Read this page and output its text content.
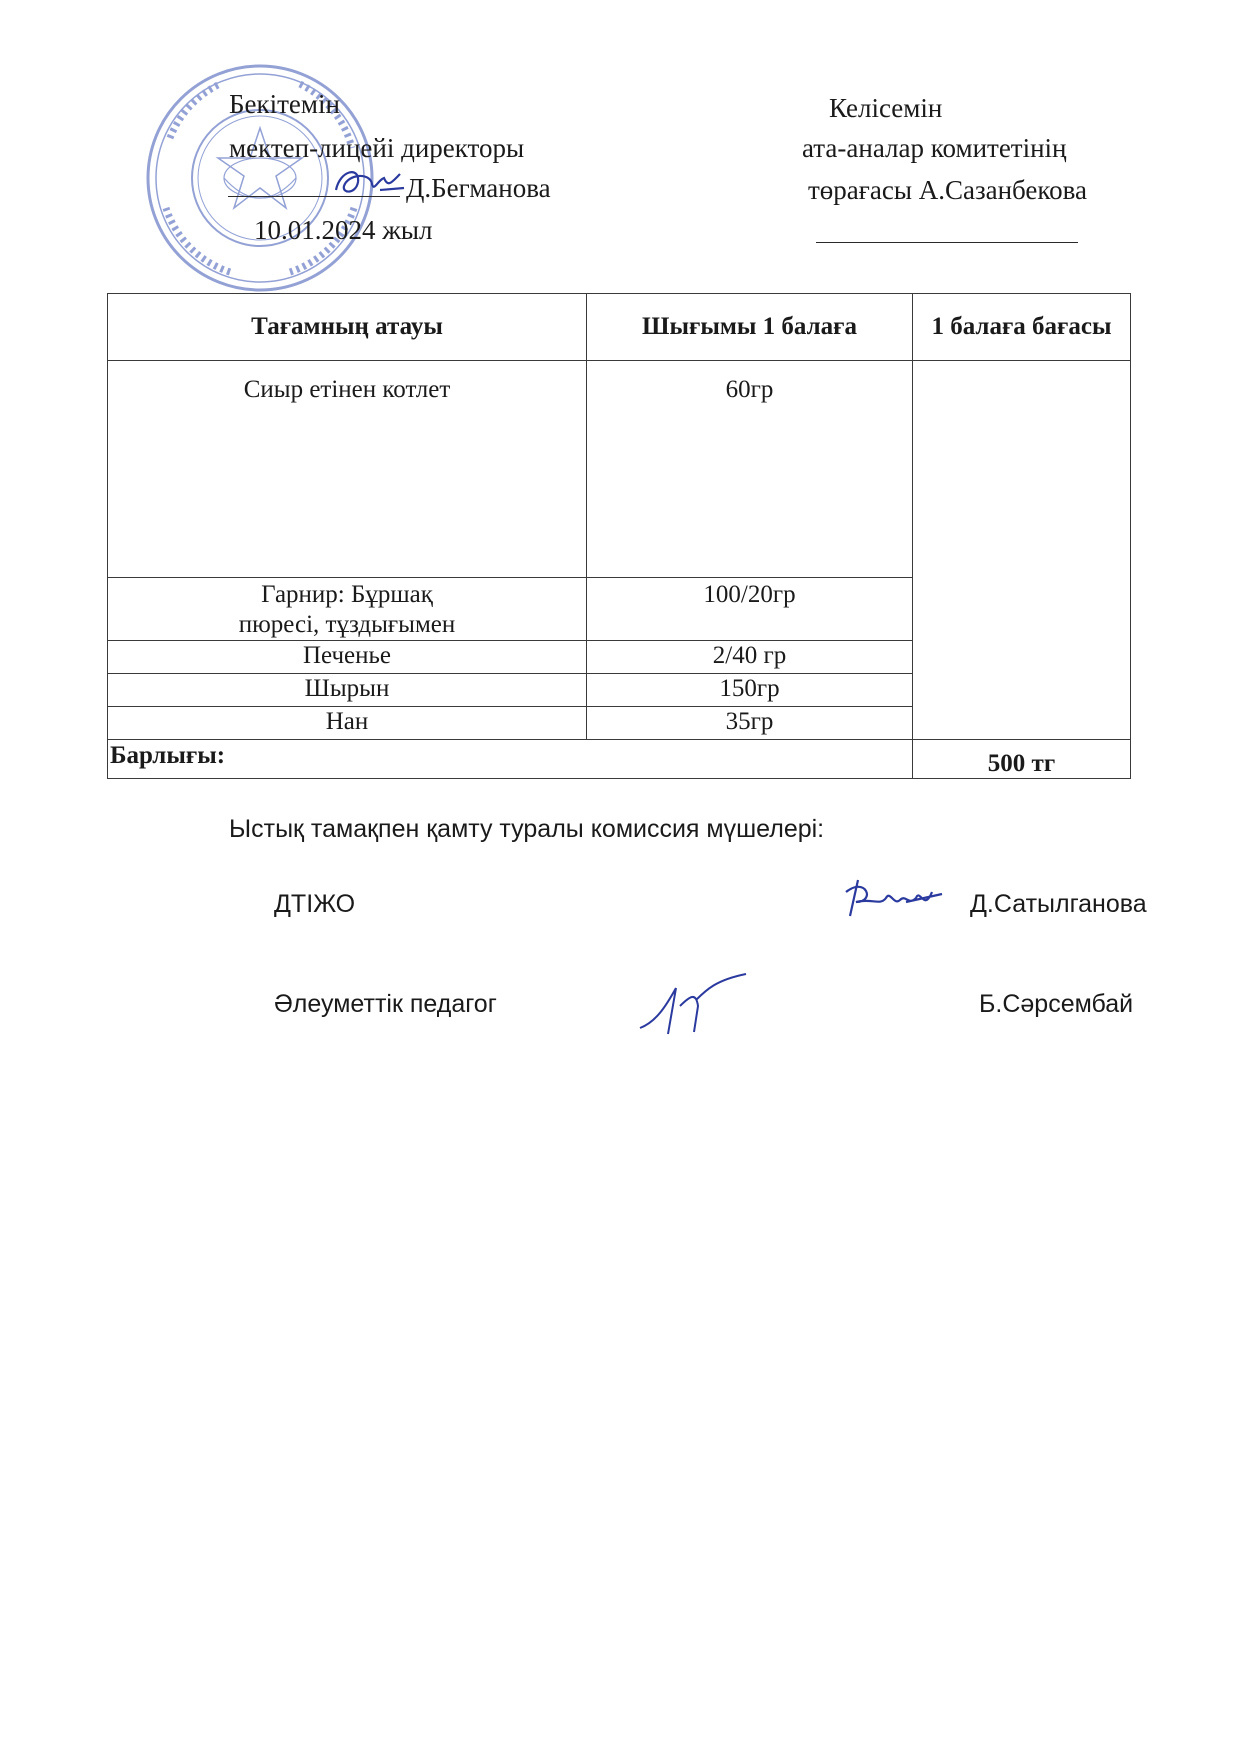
Бекітемін
мектеп-лицейі директоры
Д.Бегманова
10.01.2024 жыл
Келісемін
ата-аналар комитетінің
төрағасы А.Сазанбекова
Тағамның атауы	Шығымы 1 балаға	1 балаға бағасы
Сиыр етінен котлет	60гр	
Гарнир: Бұршақ пюресі, тұздығымен	100/20гр	
Печенье	2/40 гр	
Шырын	150гр	
Нан	35гр	
Барлығы:		500 тг
Ыстық тамақпен қамту туралы комиссия мүшелері:
ДТІЖО	Д.Сатылганова
Әлеуметтік педагог	Б.Сәрсембай
